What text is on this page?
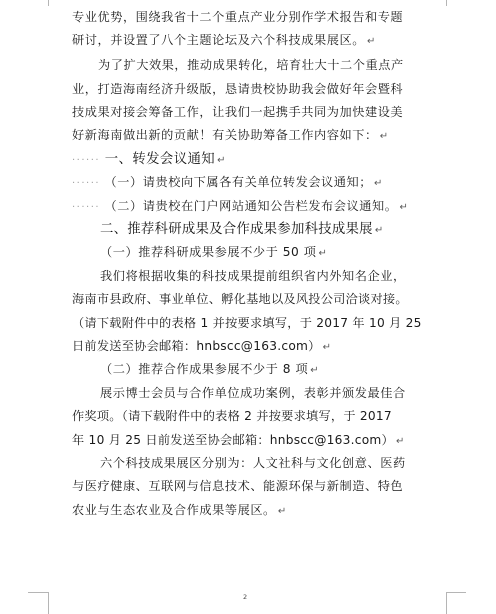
专业优势，围绕我省十二个重点产业分别作学术报告和专题
研讨，并设置了八个主题论坛及六个科技成果展区。 ↵
为了扩大效果，推动成果转化，培育壮大十二个重点产
业，打造海南经济升级版，恳请贵校协助我会做好年会暨科
技成果对接会筹备工作，让我们一起携手共同为加快建设美
好新海南做出新的贡献！有关协助筹备工作内容如下： ↵
······ 一、转发会议通知 ↵
······ （一）请贵校向下属各有关单位转发会议通知； ↵
······ （二）请贵校在门户网站通知公告栏发布会议通知。 ↵
二、推荐科研成果及合作成果参加科技成果展 ↵
（一）推荐科研成果参展不少于 50 项 ↵
我们将根据收集的科技成果提前组织省内外知名企业，
海南市县政府、事业单位、孵化基地以及风投公司洽谈对接。
（请下载附件中的表格 1 并按要求填写，于 2017 年 10 月 25
日前发送至协会邮箱：hnbscc@163.com） ↵
（二）推荐合作成果参展不少于 8 项 ↵
展示博士会员与合作单位成功案例，表彰并颁发最佳合
作奖项。（请下载附件中的表格 2 并按要求填写，于 2017
年 10 月 25 日前发送至协会邮箱：hnbscc@163.com） ↵
六个科技成果展区分别为：人文社科与文化创意、医药
与医疗健康、互联网与信息技术、能源环保与新制造、特色
农业与生态农业及合作成果等展区。 ↵
2
